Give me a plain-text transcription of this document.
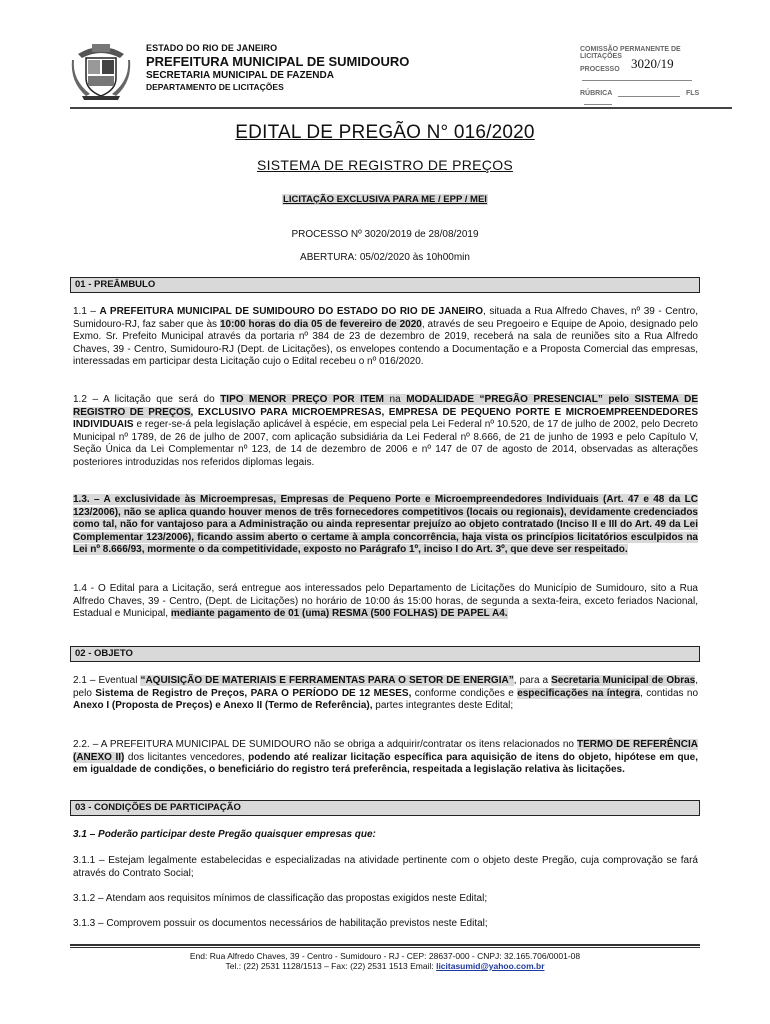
ESTADO DO RIO DE JANEIRO
PREFEITURA MUNICIPAL DE SUMIDOURO
SECRETARIA MUNICIPAL DE FAZENDA
DEPARTAMENTO DE LICITAÇÕES
COMISSÃO PERMANENTE DE
LICITAÇÕES
PROCESSO 3020/19
RÚBRICA	FLS
EDITAL DE PREGÃO N° 016/2020
SISTEMA DE REGISTRO DE PREÇOS
LICITAÇÃO EXCLUSIVA PARA ME / EPP / MEI
PROCESSO Nº 3020/2019 de 28/08/2019
ABERTURA: 05/02/2020 às 10h00min
01 - PREÂMBULO
1.1 – A PREFEITURA MUNICIPAL DE SUMIDOURO DO ESTADO DO RIO DE JANEIRO, situada a Rua Alfredo Chaves, nº 39 - Centro, Sumidouro-RJ, faz saber que às 10:00 horas do dia 05 de fevereiro de 2020, através de seu Pregoeiro e Equipe de Apoio, designado pelo Exmo. Sr. Prefeito Municipal através da portaria nº 384 de 23 de dezembro de 2019, receberá na sala de reuniões sito a Rua Alfredo Chaves, 39 - Centro, Sumidouro-RJ (Dept. de Licitações), os envelopes contendo a Documentação e a Proposta Comercial das empresas, interessadas em participar desta Licitação cujo o Edital recebeu o nº 016/2020.
1.2 – A licitação que será do TIPO MENOR PREÇO POR ITEM na MODALIDADE “PREGÃO PRESENCIAL” pelo SISTEMA DE REGISTRO DE PREÇOS, EXCLUSIVO PARA MICROEMPRESAS, EMPRESA DE PEQUENO PORTE E MICROEMPREENDEDORES INDIVIDUAIS e reger-se-á pela legislação aplicável à espécie, em especial pela Lei Federal nº 10.520, de 17 de julho de 2002, pelo Decreto Municipal nº 1789, de 26 de julho de 2007, com aplicação subsidiária da Lei Federal nº 8.666, de 21 de junho de 1993 e pelo Capítulo V, Seção Única da Lei Complementar nº 123, de 14 de dezembro de 2006 e nº 147 de 07 de agosto de 2014, observadas as alterações posteriores introduzidas nos referidos diplomas legais.
1.3. – A exclusividade às Microempresas, Empresas de Pequeno Porte e Microempreendedores Individuais (Art. 47 e 48 da LC 123/2006), não se aplica quando houver menos de três fornecedores competitivos (locais ou regionais), devidamente credenciados como tal, não for vantajoso para a Administração ou ainda representar prejuízo ao objeto contratado (Inciso II e III do Art. 49 da Lei Complementar 123/2006), ficando assim aberto o certame à ampla concorrência, haja vista os princípios licitatórios esculpidos na Lei nº 8.666/93, mormente o da competitividade, exposto no Parágrafo 1º, inciso I do Art. 3º, que deve ser respeitado.
1.4 - O Edital para a Licitação, será entregue aos interessados pelo Departamento de Licitações do Município de Sumidouro, sito a Rua Alfredo Chaves, 39 - Centro, (Dept. de Licitações) no horário de 10:00 ás 15:00 horas, de segunda a sexta-feira, exceto feriados Nacional, Estadual e Municipal, mediante pagamento de 01 (uma) RESMA (500 FOLHAS) DE PAPEL A4.
02 - OBJETO
2.1 – Eventual “AQUISIÇÃO DE MATERIAIS E FERRAMENTAS PARA O SETOR DE ENERGIA”, para a Secretaria Municipal de Obras, pelo Sistema de Registro de Preços, PARA O PERÍODO DE 12 MESES, conforme condições e especificações na íntegra, contidas no Anexo I (Proposta de Preços) e Anexo II (Termo de Referência), partes integrantes deste Edital;
2.2. – A PREFEITURA MUNICIPAL DE SUMIDOURO não se obriga a adquirir/contratar os itens relacionados no TERMO DE REFERÊNCIA (ANEXO II) dos licitantes vencedores, podendo até realizar licitação específica para aquisição de itens do objeto, hipótese em que, em igualdade de condições, o beneficiário do registro terá preferência, respeitada a legislação relativa às licitações.
03 - CONDIÇÕES DE PARTICIPAÇÃO
3.1 – Poderão participar deste Pregão quaisquer empresas que:
3.1.1 – Estejam legalmente estabelecidas e especializadas na atividade pertinente com o objeto deste Pregão, cuja comprovação se fará através do Contrato Social;
3.1.2 – Atendam aos requisitos mínimos de classificação das propostas exigidos neste Edital;
3.1.3 – Comprovem possuir os documentos necessários de habilitação previstos neste Edital;
End: Rua Alfredo Chaves, 39 - Centro - Sumidouro - RJ - CEP: 28637-000 - CNPJ: 32.165.706/0001-08
Tel.: (22) 2531 1128/1513 – Fax: (22) 2531 1513 Email: licitasumid@yahoo.com.br
